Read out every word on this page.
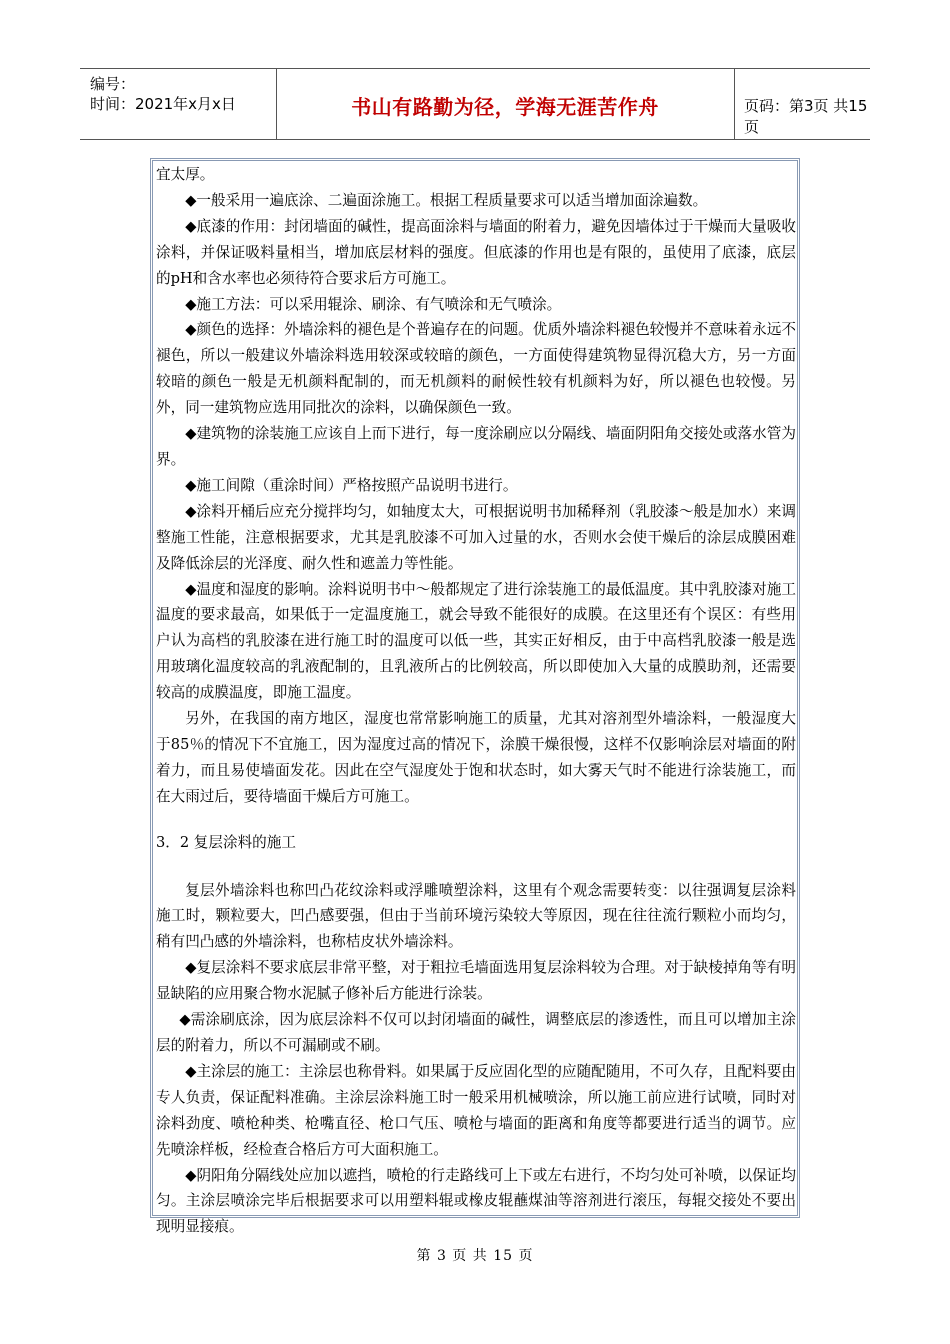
编号：
时间：2021年x月x日	书山有路勤为径，学海无涯苦作舟	页码：第3页 共15页

宜太厚。

◆一般采用一遍底涂、二遍面涂施工。根据工程质量要求可以适当增加面涂遍数。

◆底漆的作用：封闭墙面的碱性，提高面涂料与墙面的附着力，避免因墙体过于干燥而大量吸收涂料，并保证吸料量相当，增加底层材料的强度。但底漆的作用也是有限的，虽使用了底漆，底层的pH和含水率也必须待符合要求后方可施工。

◆施工方法：可以采用辊涂、刷涂、有气喷涂和无气喷涂。

◆颜色的选择：外墙涂料的褪色是个普遍存在的问题。优质外墙涂料褪色较慢并不意味着永远不褪色，所以一般建议外墙涂料选用较深或较暗的颜色，一方面使得建筑物显得沉稳大方，另一方面较暗的颜色一般是无机颜料配制的，而无机颜料的耐候性较有机颜料为好，所以褪色也较慢。另外，同一建筑物应选用同批次的涂料，以确保颜色一致。

◆建筑物的涂装施工应该自上而下进行，每一度涂刷应以分隔线、墙面阴阳角交接处或落水管为界。

◆施工间隙（重涂时间）严格按照产品说明书进行。

◆涂料开桶后应充分搅拌均匀，如轴度太大，可根据说明书加稀释剂（乳胶漆～般是加水）来调整施工性能，注意根据要求，尤其是乳胶漆不可加入过量的水，否则水会使干燥后的涂层成膜困难及降低涂层的光泽度、耐久性和遮盖力等性能。

◆温度和湿度的影响。涂料说明书中～般都规定了进行涂装施工的最低温度。其中乳胶漆对施工温度的要求最高，如果低于一定温度施工，就会导致不能很好的成膜。在这里还有个误区：有些用户认为高档的乳胶漆在进行施工时的温度可以低一些，其实正好相反，由于中高档乳胶漆一般是选用玻璃化温度较高的乳液配制的，且乳液所占的比例较高，所以即使加入大量的成膜助剂，还需要较高的成膜温度，即施工温度。

另外，在我国的南方地区，湿度也常常影响施工的质量，尤其对溶剂型外墙涂料，一般湿度大于85％的情况下不宜施工，因为湿度过高的情况下，涂膜干燥很慢，这样不仅影响涂层对墙面的附着力，而且易使墙面发花。因此在空气湿度处于饱和状态时，如大雾天气时不能进行涂装施工，而在大雨过后，要待墙面干燥后方可施工。

3．2 复层涂料的施工

复层外墙涂料也称凹凸花纹涂料或浮雕喷塑涂料，这里有个观念需要转变：以往强调复层涂料施工时，颗粒要大，凹凸感要强，但由于当前环境污染较大等原因，现在往往流行颗粒小而均匀，稍有凹凸感的外墙涂料，也称桔皮状外墙涂料。

◆复层涂料不要求底层非常平整，对于粗拉毛墙面选用复层涂料较为合理。对于缺棱掉角等有明显缺陷的应用聚合物水泥腻子修补后方能进行涂装。

◆需涂刷底涂，因为底层涂料不仅可以封闭墙面的碱性，调整底层的渗透性，而且可以增加主涂层的附着力，所以不可漏刷或不刷。

◆主涂层的施工：主涂层也称骨料。如果属于反应固化型的应随配随用，不可久存，且配料要由专人负责，保证配料准确。主涂层涂料施工时一般采用机械喷涂，所以施工前应进行试喷，同时对涂料劲度、喷枪种类、枪嘴直径、枪口气压、喷枪与墙面的距离和角度等都要进行适当的调节。应先喷涂样板，经检查合格后方可大面积施工。

◆阴阳角分隔线处应加以遮挡，喷枪的行走路线可上下或左右进行，不均匀处可补喷，以保证均匀。主涂层喷涂完毕后根据要求可以用塑料辊或橡皮辊蘸煤油等溶剂进行滚压，每辊交接处不要出现明显接痕。

第 3 页 共 15 页
